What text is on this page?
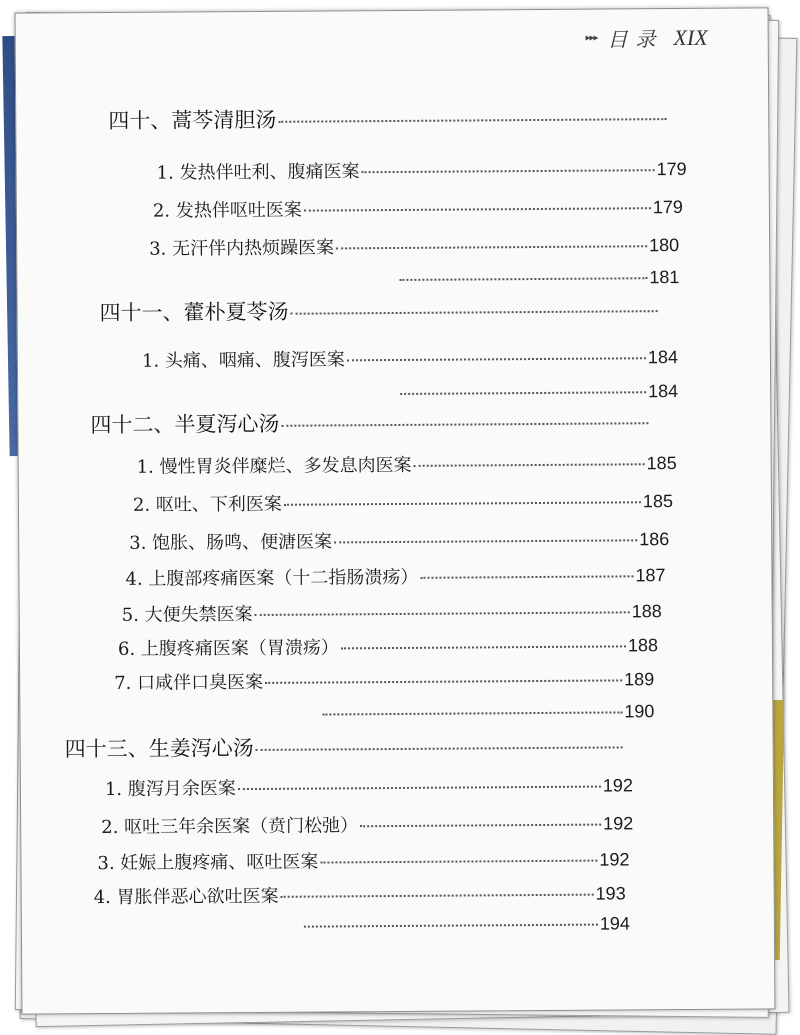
▸▸▸ 目录 XIX
四十、蒿芩清胆汤
1. 发热伴吐利、腹痛医案	179
2. 发热伴呕吐医案	179
3. 无汗伴内热烦躁医案	180
181
四十一、藿朴夏苓汤
1. 头痛、咽痛、腹泻医案	184
184
四十二、半夏泻心汤
1. 慢性胃炎伴糜烂、多发息肉医案	185
2. 呕吐、下利医案	185
3. 饱胀、肠鸣、便溏医案	186
4. 上腹部疼痛医案（十二指肠溃疡）	187
5. 大便失禁医案	188
6. 上腹疼痛医案（胃溃疡）	188
7. 口咸伴口臭医案	189
190
四十三、生姜泻心汤
1. 腹泻月余医案	192
2. 呕吐三年余医案（贲门松弛）	192
3. 妊娠上腹疼痛、呕吐医案	192
4. 胃胀伴恶心欲吐医案	193
194
